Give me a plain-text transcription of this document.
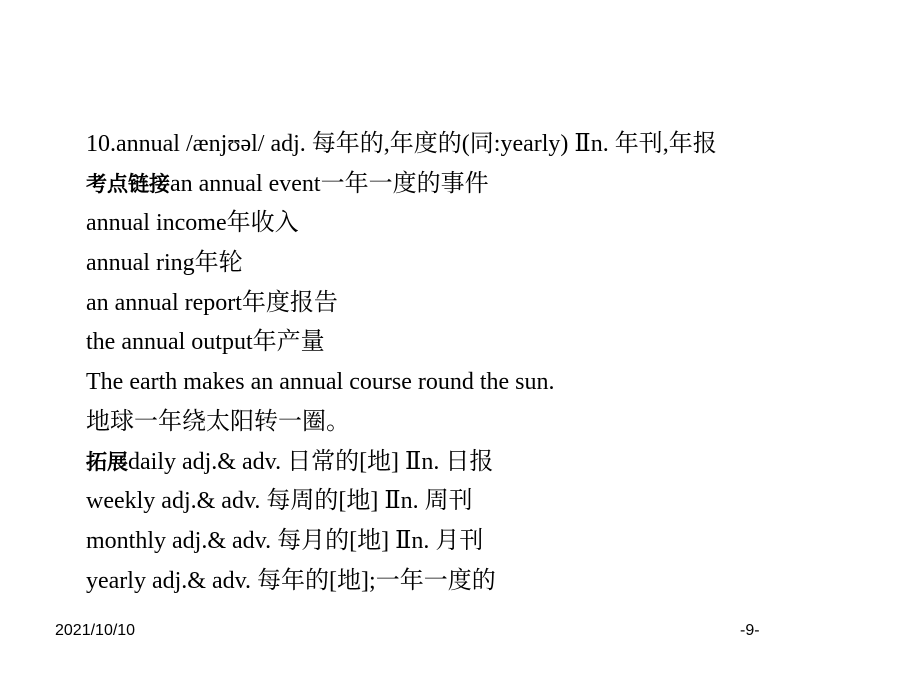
10.annual /ænjʊəl/ adj. 每年的,年度的(同:yearly) Ⅱn. 年刊,年报
考点链接an annual event一年一度的事件
annual income年收入
annual ring年轮
an annual report年度报告
the annual output年产量
The earth makes an annual course round the sun.
地球一年绕太阳转一圈。
拓展daily adj.& adv. 日常的[地] Ⅱn. 日报
weekly adj.& adv. 每周的[地] Ⅱn. 周刊
monthly adj.& adv. 每月的[地] Ⅱn. 月刊
yearly adj.& adv. 每年的[地];一年一度的
2021/10/10	-9-
